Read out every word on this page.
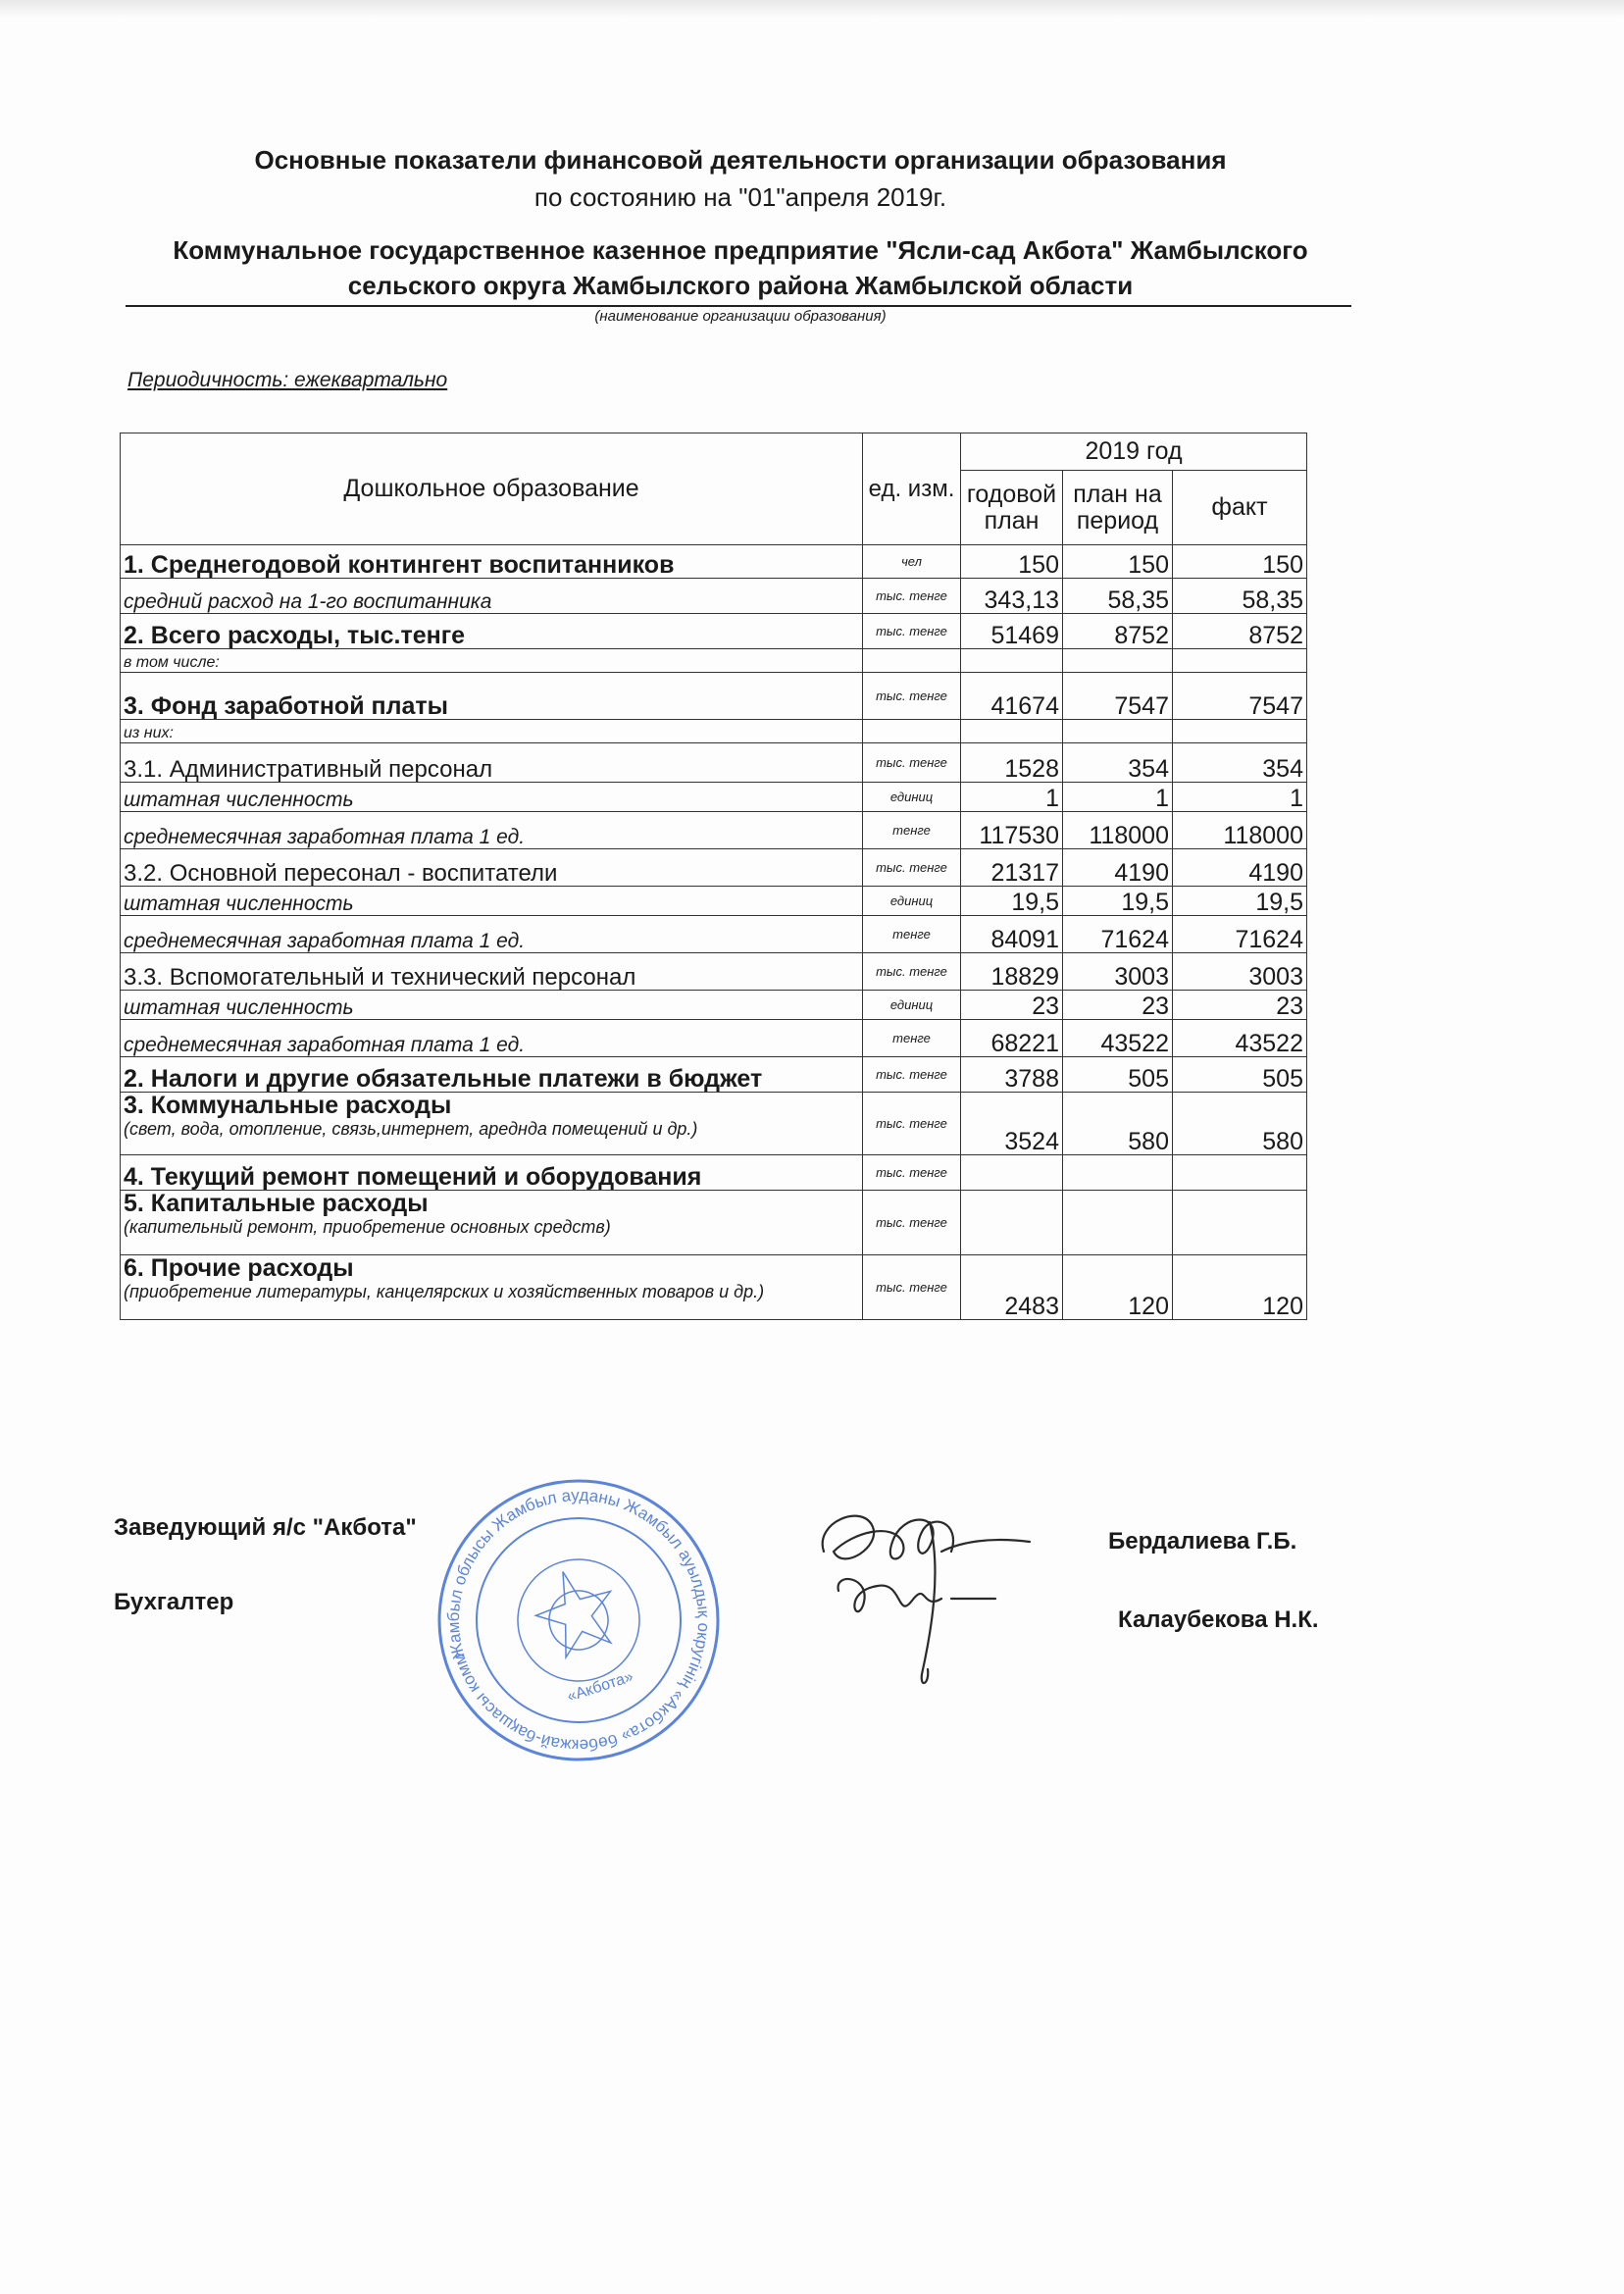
Основные показатели финансовой деятельности организации образования
по состоянию на "01"апреля 2019г.
Коммунальное государственное казенное предприятие "Ясли-сад Акбота" Жамбылского
сельского округа Жамбылского района Жамбылской области
(наименование организации образования)
Периодичность: ежеквартально
Дошкольное образование	ед. изм.	2019 год		
		годовой план	план на период	факт
1. Среднегодовой контингент воспитанников	чел	150	150	150
средний расход на 1-го воспитанника	тыс. тенге	343,13	58,35	58,35
2. Всего расходы, тыс.тенге	тыс. тенге	51469	8752	8752
в том числе:				
3. Фонд заработной платы	тыс. тенге	41674	7547	7547
из них:				
3.1. Административный персонал	тыс. тенге	1528	354	354
штатная численность	единиц	1	1	1
среднемесячная заработная плата 1 ед.	тенге	117530	118000	118000
3.2. Основной пересонал - воспитатели	тыс. тенге	21317	4190	4190
штатная численность	единиц	19,5	19,5	19,5
среднемесячная заработная плата 1 ед.	тенге	84091	71624	71624
3.3. Вспомогательный и технический персонал	тыс. тенге	18829	3003	3003
штатная численность	единиц	23	23	23
среднемесячная заработная плата 1 ед.	тенге	68221	43522	43522
2. Налоги и другие обязательные платежи в бюджет	тыс. тенге	3788	505	505

3. Коммунальные расходы
(свет, вода, отопление, связь,интернет, ареднда помещений и др.)	тыс. тенге	3524	580	580
4. Текущий ремонт помещений и оборудования	тыс. тенге			

5. Капитальные расходы
(капительный ремонт, приобретение основных средств)	тыс. тенге			

6. Прочие расходы
(приобретение литературы, канцелярских и хозяйственных товаров и др.)	тыс. тенге	2483	120	120
Заведующий я/с "Акбота"
Бухгалтер
Бердалиева Г.Б.
Калаубекова Н.К.
Жамбыл облысы Жамбыл ауданы Жамбыл ауылдық округінің «Акбота» бөбекжай-бақшасы коммуналдық
«Акбота»
